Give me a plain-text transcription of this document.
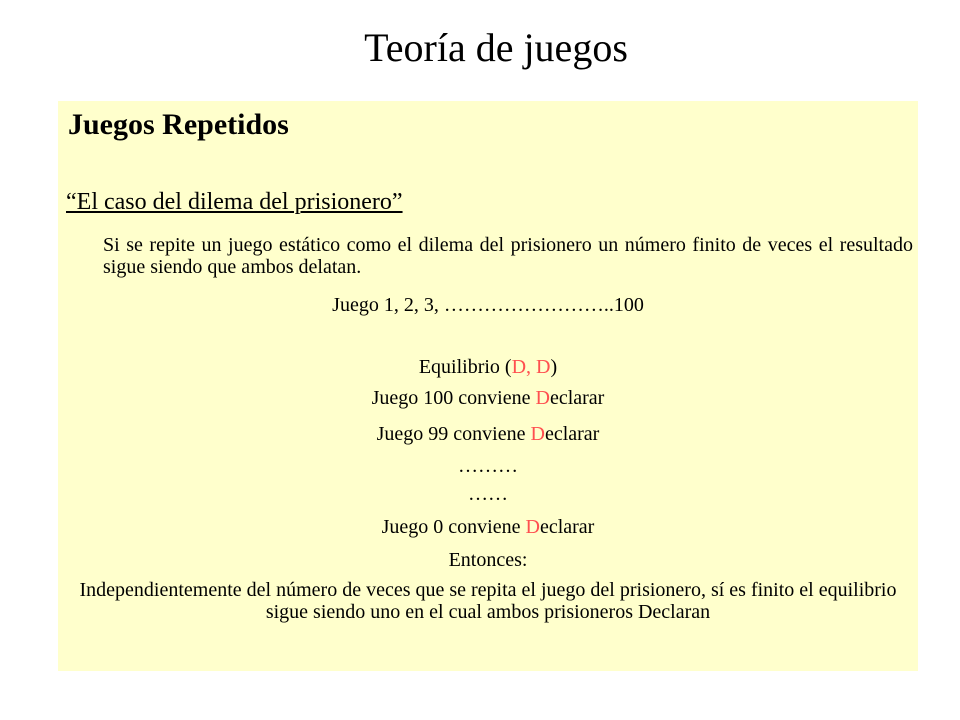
Teoría de juegos
Juegos Repetidos
“El caso del dilema del prisionero”
Si se repite un juego estático como el dilema del prisionero un número finito de veces el resultado sigue siendo que ambos delatan.
Juego 1, 2, 3, ……………………..100
Equilibrio (D, D)
Juego 100 conviene Declarar
Juego 99 conviene Declarar
………
……
Juego 0 conviene Declarar
Entonces:
Independientemente del número de veces que se repita el juego del prisionero, sí es finito el equilibrio sigue siendo uno en el cual ambos prisioneros Declaran
